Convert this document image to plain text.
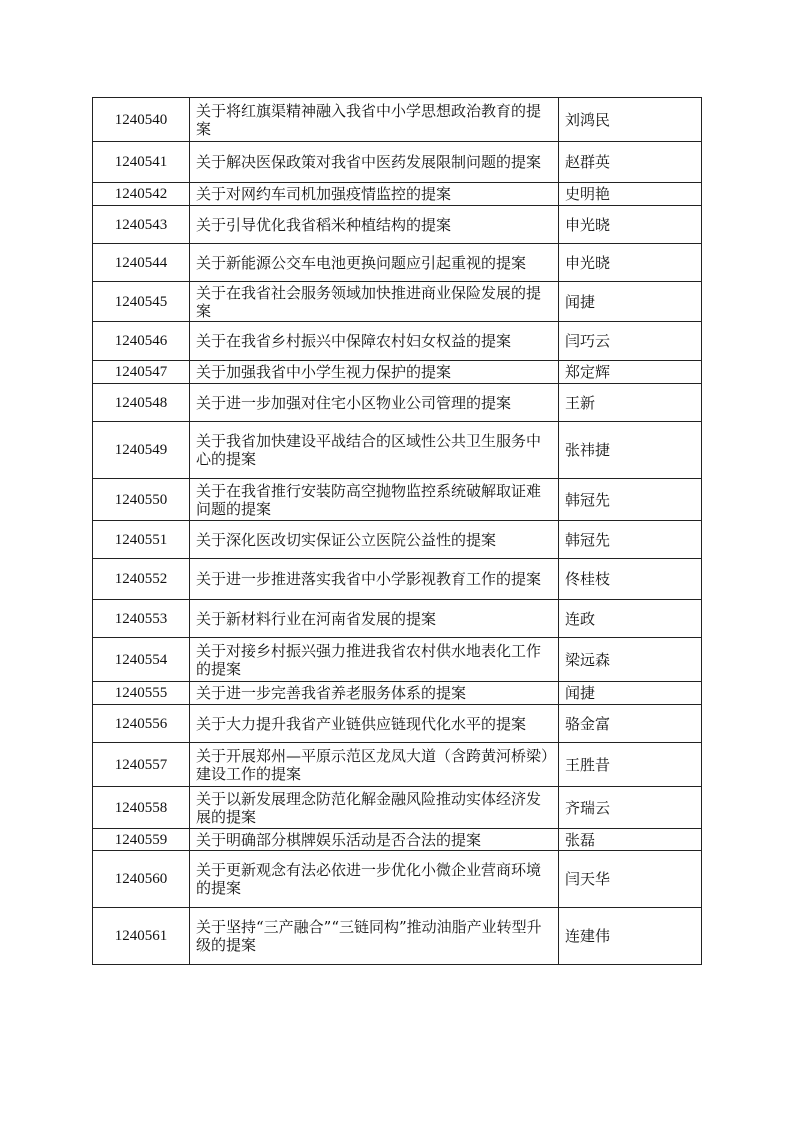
1240540	关于将红旗渠精神融入我省中小学思想政治教育的提案	刘鸿民
1240541	关于解决医保政策对我省中医药发展限制问题的提案	赵群英
1240542	关于对网约车司机加强疫情监控的提案	史明艳
1240543	关于引导优化我省稻米种植结构的提案	申光晓
1240544	关于新能源公交车电池更换问题应引起重视的提案	申光晓
1240545	关于在我省社会服务领域加快推进商业保险发展的提案	闻捷
1240546	关于在我省乡村振兴中保障农村妇女权益的提案	闫巧云
1240547	关于加强我省中小学生视力保护的提案	郑定辉
1240548	关于进一步加强对住宅小区物业公司管理的提案	王新
1240549	关于我省加快建设平战结合的区域性公共卫生服务中心的提案	张祎捷
1240550	关于在我省推行安装防高空抛物监控系统破解取证难问题的提案	韩冠先
1240551	关于深化医改切实保证公立医院公益性的提案	韩冠先
1240552	关于进一步推进落实我省中小学影视教育工作的提案	佟桂枝
1240553	关于新材料行业在河南省发展的提案	连政
1240554	关于对接乡村振兴强力推进我省农村供水地表化工作的提案	梁远森
1240555	关于进一步完善我省养老服务体系的提案	闻捷
1240556	关于大力提升我省产业链供应链现代化水平的提案	骆金富
1240557	关于开展郑州—平原示范区龙凤大道（含跨黄河桥梁）建设工作的提案	王胜昔
1240558	关于以新发展理念防范化解金融风险推动实体经济发展的提案	齐瑞云
1240559	关于明确部分棋牌娱乐活动是否合法的提案	张磊
1240560	关于更新观念有法必依进一步优化小微企业营商环境的提案	闫天华
1240561	关于坚持“三产融合”“三链同构”推动油脂产业转型升级的提案	连建伟
